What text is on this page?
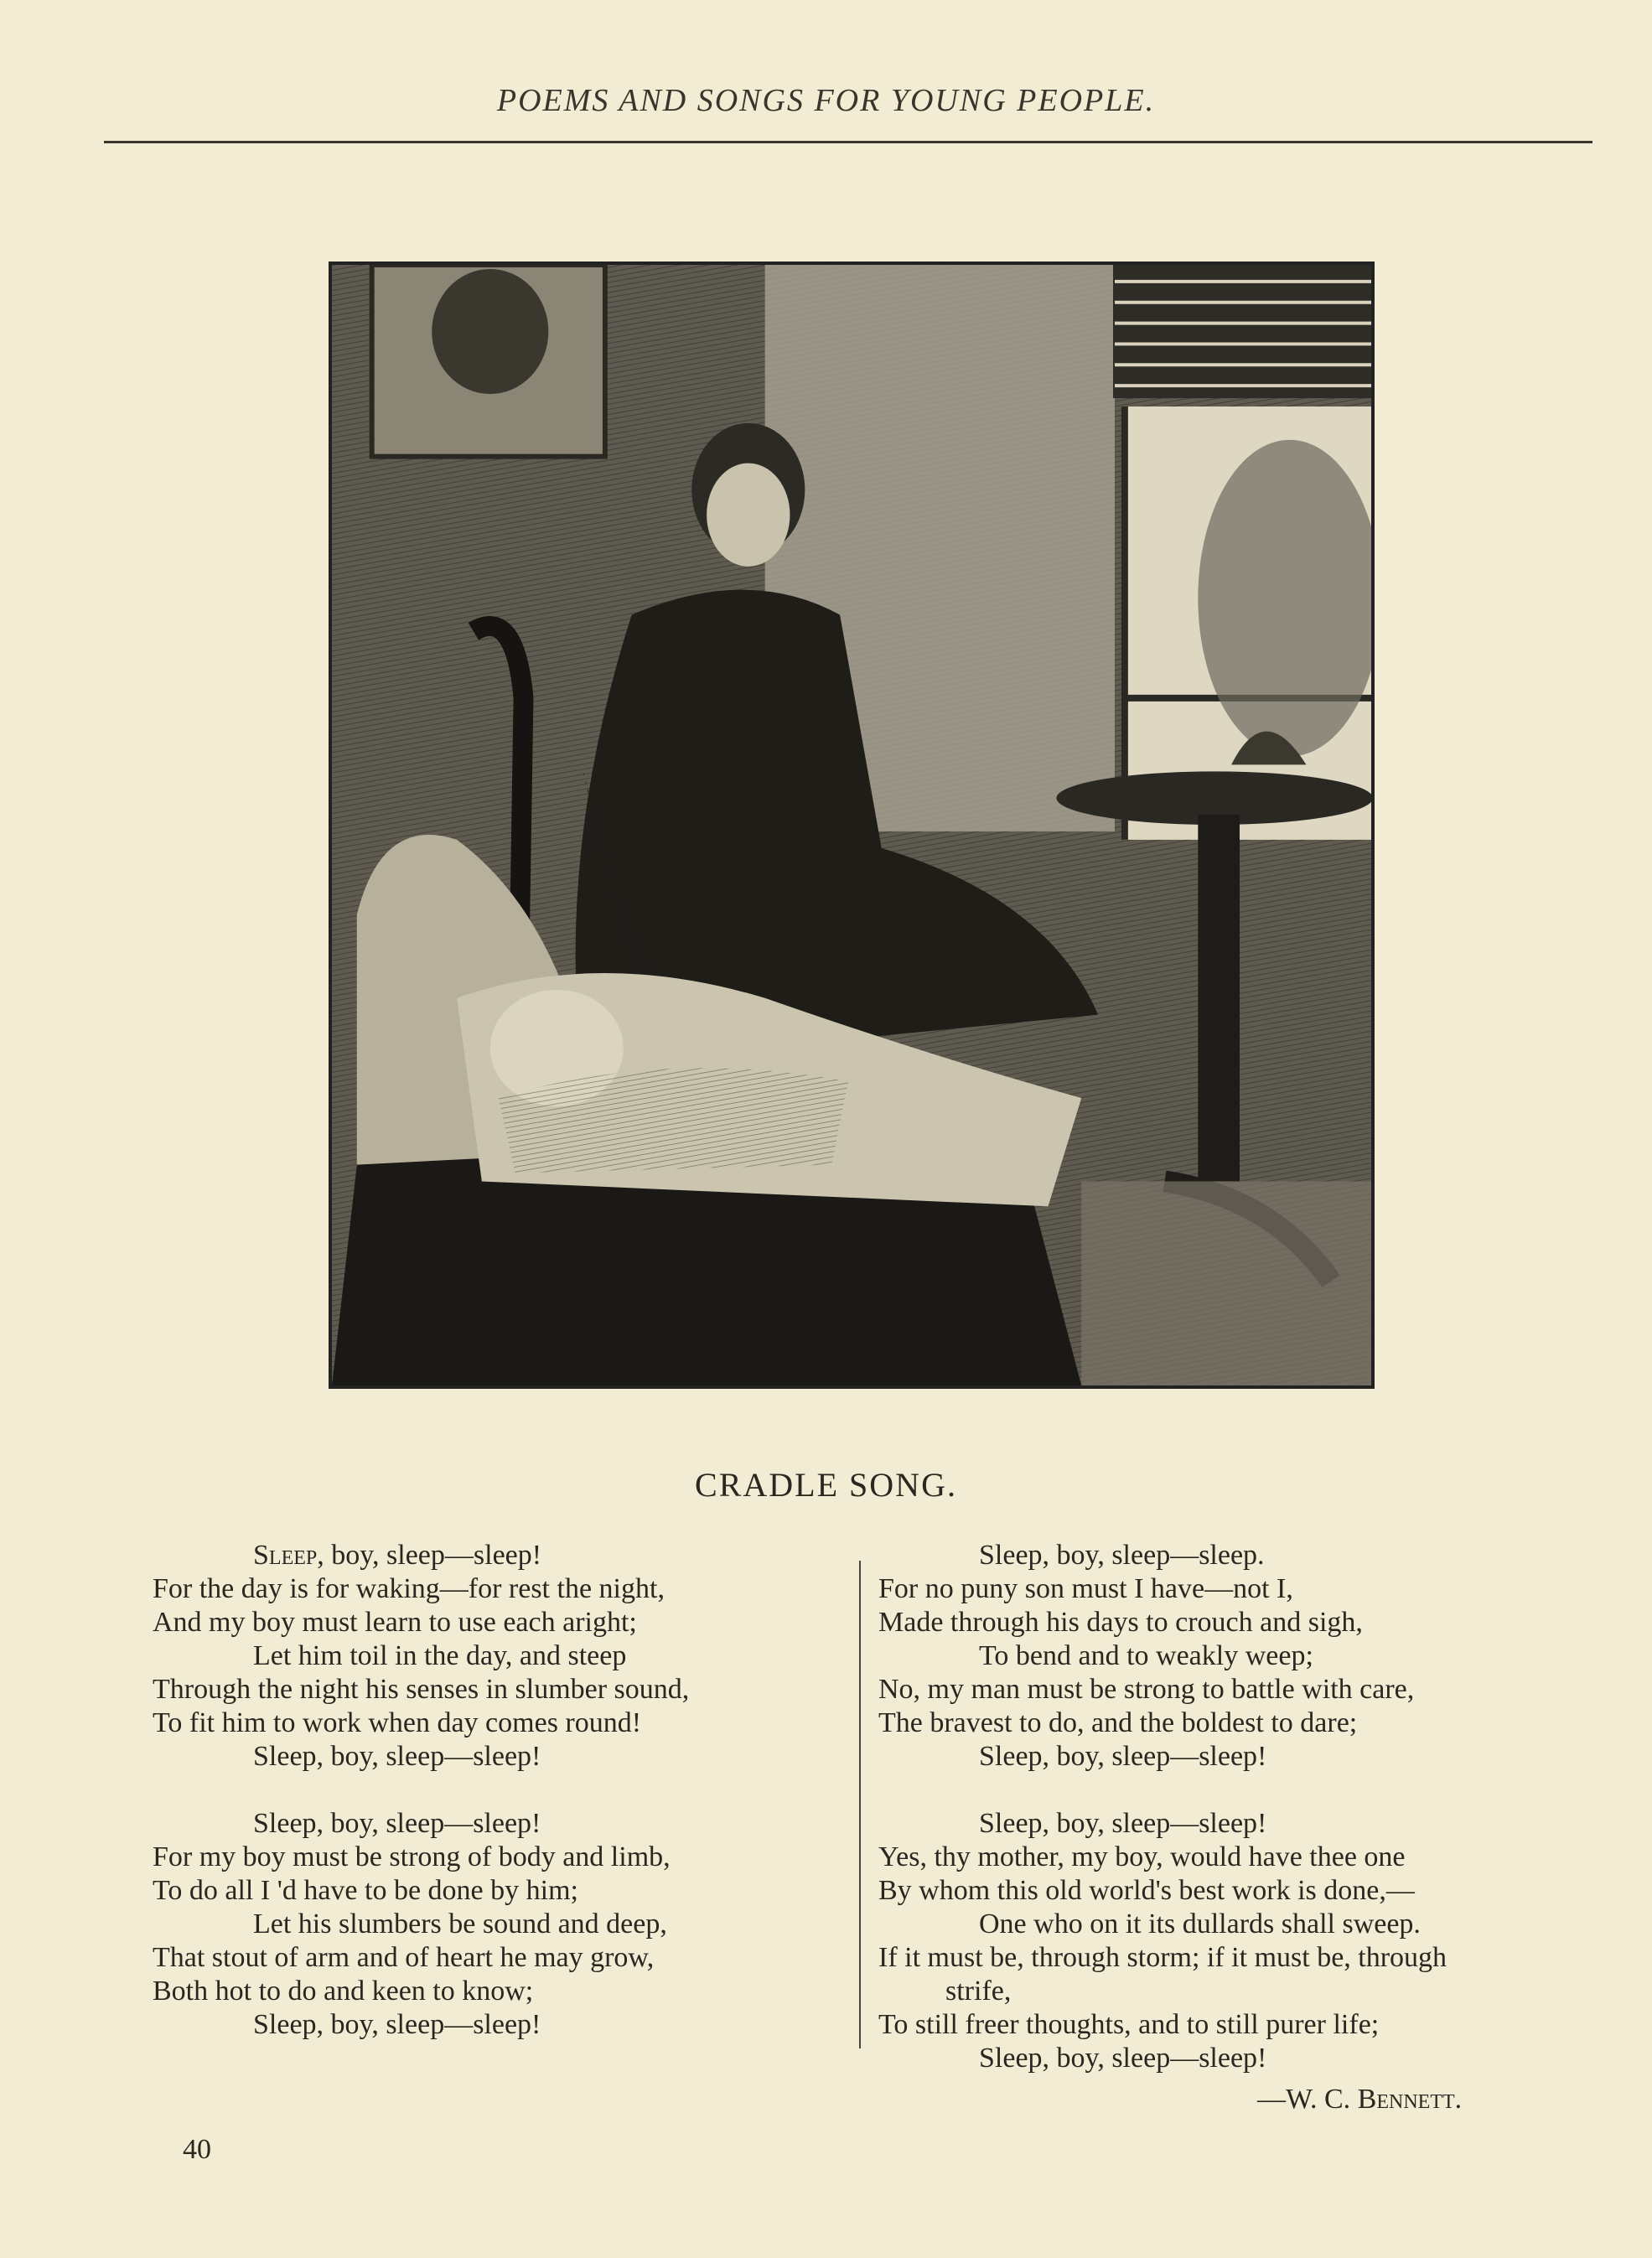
POEMS AND SONGS FOR YOUNG PEOPLE.
CRADLE SONG.
Sleep, boy, sleep—sleep!
For the day is for waking—for rest the night,
And my boy must learn to use each aright;
Let him toil in the day, and steep
Through the night his senses in slumber sound,
To fit him to work when day comes round!
Sleep, boy, sleep—sleep!
Sleep, boy, sleep—sleep!
For my boy must be strong of body and limb,
To do all I 'd have to be done by him;
Let his slumbers be sound and deep,
That stout of arm and of heart he may grow,
Both hot to do and keen to know;
Sleep, boy, sleep—sleep!
Sleep, boy, sleep—sleep.
For no puny son must I have—not I,
Made through his days to crouch and sigh,
To bend and to weakly weep;
No, my man must be strong to battle with care,
The bravest to do, and the boldest to dare;
Sleep, boy, sleep—sleep!
Sleep, boy, sleep—sleep!
Yes, thy mother, my boy, would have thee one
By whom this old world's best work is done,—
One who on it its dullards shall sweep.
If it must be, through storm; if it must be, through
strife,
To still freer thoughts, and to still purer life;
Sleep, boy, sleep—sleep!
—W. C. Bennett.
40
